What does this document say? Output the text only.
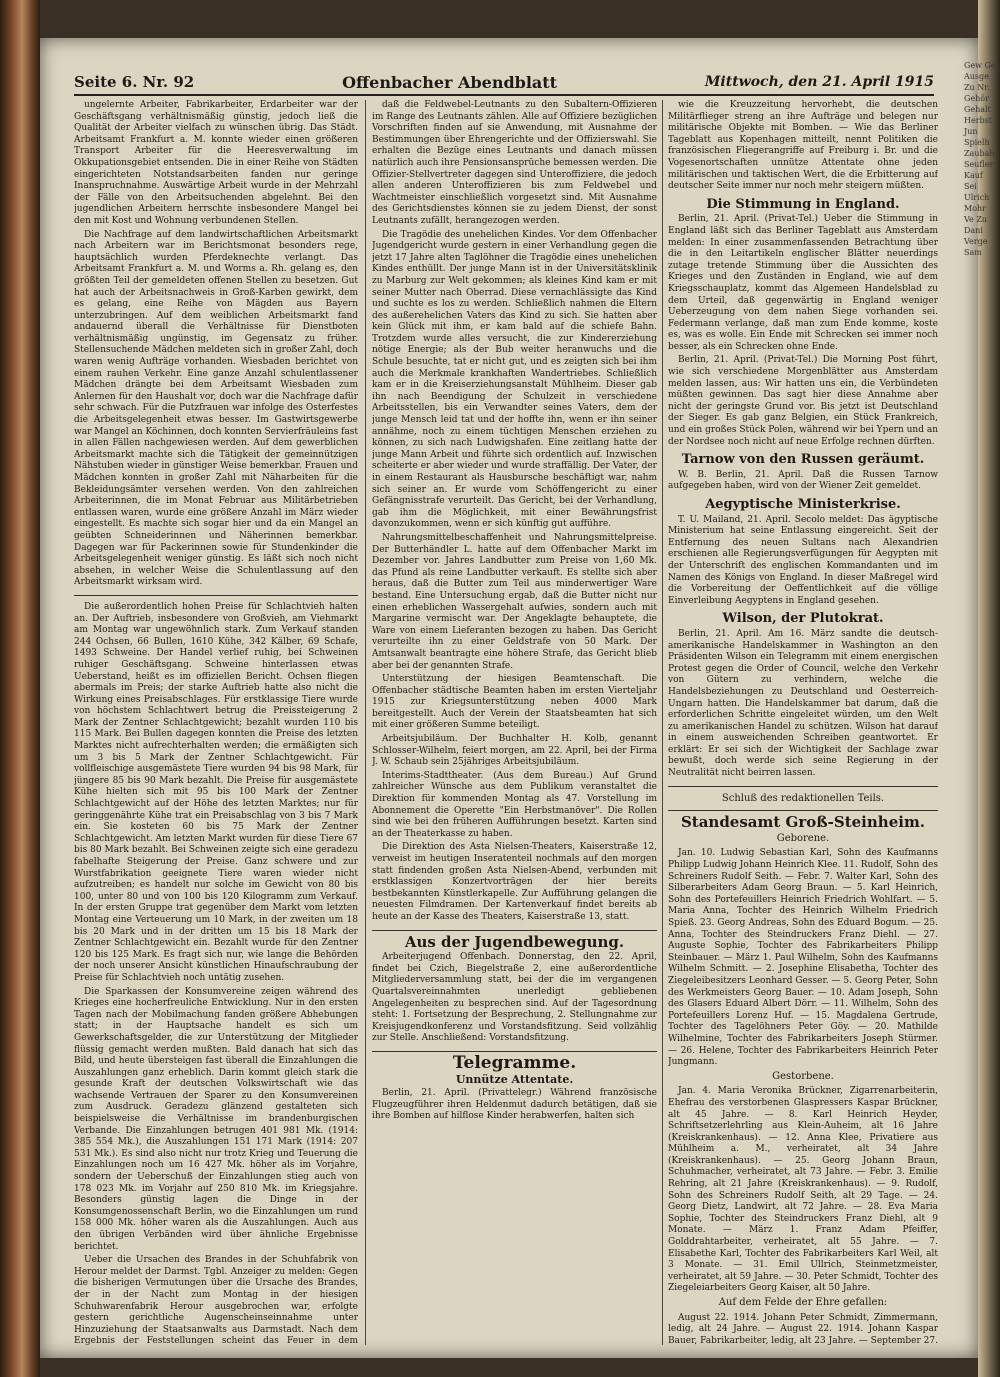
Seite 6. Nr. 92	Offenbacher Abendblatt	Mittwoch, den 21. April 1915

ungelernte Arbeiter, Fabrikarbeiter, Erdarbeiter war der Geschäftsgang verhältnismäßig günstig, jedoch ließ die Qualität der Arbeiter vielfach zu wünschen übrig. Das Städt. Arbeitsamt Frankfurt a. M. konnte wieder einen größeren Transport Arbeiter für die Heeresverwaltung im Okkupationsgebiet entsenden. Die in einer Reihe von Städten eingerichteten Notstandsarbeiten fanden nur geringe Inanspruchnahme. Auswärtige Arbeit wurde in der Mehrzahl der Fälle von den Arbeitsuchenden abgelehnt. Bei den jugendlichen Arbeitern herrschte insbesondere Mangel bei den mit Kost und Wohnung verbundenen Stellen.

Die Nachfrage auf dem landwirtschaftlichen Arbeitsmarkt nach Arbeitern war im Berichtsmonat besonders rege, hauptsächlich wurden Pferdeknechte verlangt. Das Arbeitsamt Frankfurt a. M. und Worms a. Rh. gelang es, den größten Teil der gemeldeten offenen Stellen zu besetzen. Gut hat auch der Arbeitsnachweis in Groß-Karben gewirkt, dem es gelang, eine Reihe von Mägden aus Bayern unterzubringen. Auf dem weiblichen Arbeitsmarkt fand andauernd überall die Verhältnisse für Dienstboten verhältnismäßig ungünstig, im Gegensatz zu früher. Stellensuchende Mädchen meldeten sich in großer Zahl, doch waren wenig Aufträge vorhanden. Wiesbaden berichtet von einem rauhen Verkehr. Eine ganze Anzahl schulentlassener Mädchen drängte bei dem Arbeitsamt Wiesbaden zum Anlernen für den Haushalt vor, doch war die Nachfrage dafür sehr schwach. Für die Putzfrauen war infolge des Osterfestes die Arbeitsgelegenheit etwas besser. Im Gastwirtsgewerbe war Mangel an Köchinnen, doch konnten Servierfräuleins fast in allen Fällen nachgewiesen werden. Auf dem gewerblichen Arbeitsmarkt machte sich die Tätigkeit der gemeinnützigen Nähstuben wieder in günstiger Weise bemerkbar. Frauen und Mädchen konnten in großer Zahl mit Näharbeiten für die Bekleidungsämter versehen werden. Von den zahlreichen Arbeiterinnen, die im Monat Februar aus Militärbetrieben entlassen waren, wurde eine größere Anzahl im März wieder eingestellt. Es machte sich sogar hier und da ein Mangel an geübten Schneiderinnen und Näherinnen bemerkbar. Dagegen war für Packerinnen sowie für Stundenkinder die Arbeitsgelegenheit weniger günstig. Es läßt sich noch nicht absehen, in welcher Weise die Schulentlassung auf den Arbeitsmarkt wirksam wird.

Die außerordentlich hohen Preise für Schlachtvieh halten an. Der Auftrieb, insbesondere von Großvieh, am Viehmarkt am Montag war ungewöhnlich stark. Zum Verkauf standen 244 Ochsen, 66 Bullen, 1610 Kühe, 342 Kälber, 69 Schafe, 1493 Schweine. Der Handel verlief ruhig, bei Schweinen ruhiger Geschäftsgang. Schweine hinterlassen etwas Ueberstand, heißt es im offiziellen Bericht. Ochsen fliegen abermals im Preis; der starke Auftrieb hatte also nicht die Wirkung eines Preisabschlages. Für erstklassige Tiere wurde von höchstem Schlachtwert betrug die Preissteigerung 2 Mark der Zentner Schlachtgewicht; bezahlt wurden 110 bis 115 Mark. Bei Bullen dagegen konnten die Preise des letzten Marktes nicht aufrechterhalten werden; die ermäßigten sich um 3 bis 5 Mark der Zentner Schlachtgewicht. Für vollfleischige ausgemästete Tiere wurden 94 bis 98 Mark, für jüngere 85 bis 90 Mark bezahlt. Die Preise für ausgemästete Kühe hielten sich mit 95 bis 100 Mark der Zentner Schlachtgewicht auf der Höhe des letzten Marktes; nur für geringgenährte Kühe trat ein Preisabschlag von 3 bis 7 Mark ein. Sie kosteten 60 bis 75 Mark der Zentner Schlachtgewicht. Am letzten Markt wurden für diese Tiere 67 bis 80 Mark bezahlt. Bei Schweinen zeigte sich eine geradezu fabelhafte Steigerung der Preise. Ganz schwere und zur Wurstfabrikation geeignete Tiere waren wieder nicht aufzutreiben; es handelt nur solche im Gewicht von 80 bis 100, unter 80 und von 100 bis 120 Kilogramm zum Verkauf. In der ersten Gruppe trat gegenüber dem Markt vom letzten Montag eine Verteuerung um 10 Mark, in der zweiten um 18 bis 20 Mark und in der dritten um 15 bis 18 Mark der Zentner Schlachtgewicht ein. Bezahlt wurde für den Zentner 120 bis 125 Mark. Es fragt sich nur, wie lange die Behörden der noch unserer Ansicht künstlichen Hinaufschraubung der Preise für Schlachtvieh noch untätig zusehen.

Die Sparkassen der Konsumvereine zeigen während des Krieges eine hocherfreuliche Entwicklung. Nur in den ersten Tagen nach der Mobilmachung fanden größere Abhebungen statt; in der Hauptsache handelt es sich um Gewerkschaftsgelder, die zur Unterstützung der Mitglieder flüssig gemacht werden mußten. Bald danach hat sich das Bild, und heute übersteigen fast überall die Einzahlungen die Auszahlungen ganz erheblich. Darin kommt gleich stark die gesunde Kraft der deutschen Volkswirtschaft wie das wachsende Vertrauen der Sparer zu den Konsumvereinen zum Ausdruck. Geradezu glänzend gestalteten sich beispielsweise die Verhältnisse im brandenburgischen Verbande. Die Einzahlungen betrugen 401 981 Mk. (1914: 385 554 Mk.), die Auszahlungen 151 171 Mark (1914: 207 531 Mk.). Es sind also nicht nur trotz Krieg und Teuerung die Einzahlungen noch um 16 427 Mk. höher als im Vorjahre, sondern der Ueberschuß der Einzahlungen stieg auch von 178 023 Mk. im Vorjahr auf 250 810 Mk. im Kriegsjahre. Besonders günstig lagen die Dinge in der Konsumgenossenschaft Berlin, wo die Einzahlungen um rund 158 000 Mk. höher waren als die Auszahlungen. Auch aus den übrigen Verbänden wird über ähnliche Ergebnisse berichtet.

Ueber die Ursachen des Brandes in der Schuhfabrik von Herour meldet der Darmst. Tgbl. Anzeiger zu melden: Gegen die bisherigen Vermutungen über die Ursache des Brandes, der in der Nacht zum Montag in der hiesigen Schuhwarenfabrik Herour ausgebrochen war, erfolgte gestern gerichtliche Augenscheinseinnahme unter Hinzuziehung der Staatsanwalts aus Darmstadt. Nach dem Ergebnis der Feststellungen scheint das Feuer in dem

daß die Feldwebel-Leutnants zu den Subaltern-Offizieren im Range des Leutnants zählen. Alle auf Offiziere bezüglichen Vorschriften finden auf sie Anwendung, mit Ausnahme der Bestimmungen über Ehrengerichte und der Offizierswahl. Sie erhalten die Bezüge eines Leutnants und danach müssen natürlich auch ihre Pensionsansprüche bemessen werden. Die Offizier-Stellvertreter dagegen sind Unteroffiziere, die jedoch allen anderen Unteroffizieren bis zum Feldwebel und Wachtmeister einschließlich vorgesetzt sind. Mit Ausnahme des Gerichtsdienstes können sie zu jedem Dienst, der sonst Leutnants zufällt, herangezogen werden.

Die Tragödie des unehelichen Kindes. Vor dem Offenbacher Jugendgericht wurde gestern in einer Verhandlung gegen die jetzt 17 Jahre alten Taglöhner die Tragödie eines unehelichen Kindes enthüllt. Der junge Mann ist in der Universitätsklinik zu Marburg zur Welt gekommen; als kleines Kind kam er mit seiner Mutter nach Oberrad. Diese vernachlässigte das Kind und suchte es los zu werden. Schließlich nahmen die Eltern des außerehelichen Vaters das Kind zu sich. Sie hatten aber kein Glück mit ihm, er kam bald auf die schiefe Bahn. Trotzdem wurde alles versucht, die zur Kindererziehung nötige Energie; als der Bub weiter heranwuchs und die Schule besuchte, tat er nicht gut, und es zeigten sich bei ihm auch die Merkmale krankhaften Wandertriebes. Schließlich kam er in die Kreiserziehungsanstalt Mühlheim. Dieser gab ihn nach Beendigung der Schulzeit in verschiedene Arbeitsstellen, bis ein Verwandter seines Vaters, dem der junge Mensch leid tat und der hoffte ihn, wenn er ihn seiner annähme, noch zu einem tüchtigen Menschen erziehen zu können, zu sich nach Ludwigshafen. Eine zeitlang hatte der junge Mann Arbeit und führte sich ordentlich auf. Inzwischen scheiterte er aber wieder und wurde straffällig. Der Vater, der in einem Restaurant als Hausbursche beschäftigt war, nahm sich seiner an. Er wurde vom Schöffengericht zu einer Gefängnisstrafe verurteilt. Das Gericht, bei der Verhandlung, gab ihm die Möglichkeit, mit einer Bewährungsfrist davonzukommen, wenn er sich künftig gut aufführe.

Nahrungsmittelbeschaffenheit und Nahrungsmittelpreise. Der Butterhändler L. hatte auf dem Offenbacher Markt im Dezember vor. Jahres Landbutter zum Preise von 1,60 Mk. das Pfund als reine Landbutter verkauft. Es stellte sich aber heraus, daß die Butter zum Teil aus minderwertiger Ware bestand. Eine Untersuchung ergab, daß die Butter nicht nur einen erheblichen Wassergehalt aufwies, sondern auch mit Margarine vermischt war. Der Angeklagte behauptete, die Ware von einem Lieferanten bezogen zu haben. Das Gericht verurteilte ihn zu einer Geldstrafe von 50 Mark. Der Amtsanwalt beantragte eine höhere Strafe, das Gericht blieb aber bei der genannten Strafe.

Unterstützung der hiesigen Beamtenschaft. Die Offenbacher städtische Beamten haben im ersten Vierteljahr 1915 zur Kriegsunterstützung neben 4000 Mark bereitgestellt. Auch der Verein der Staatsbeamten hat sich mit einer größeren Summe beteiligt.

Arbeitsjubiläum. Der Buchhalter H. Kolb, genannt Schlosser-Wilhelm, feiert morgen, am 22. April, bei der Firma J. W. Schaub sein 25jähriges Arbeitsjubiläum.

Interims-Stadttheater. (Aus dem Bureau.) Auf Grund zahlreicher Wünsche aus dem Publikum veranstaltet die Direktion für kommenden Montag als 47. Vorstellung im Abonnement die Operette "Ein Herbstmanöver". Die Rollen sind wie bei den früheren Aufführungen besetzt. Karten sind an der Theaterkasse zu haben.

Die Direktion des Asta Nielsen-Theaters, Kaiserstraße 12, verweist im heutigen Inseratenteil nochmals auf den morgen statt findenden großen Asta Nielsen-Abend, verbunden mit erstklassigen Konzertvorträgen der hier bereits bestbekannten Künstlerkapelle. Zur Aufführung gelangen die neuesten Filmdramen. Der Kartenverkauf findet bereits ab heute an der Kasse des Theaters, Kaiserstraße 13, statt.

Aus der Jugendbewegung.

Arbeiterjugend Offenbach. Donnerstag, den 22. April, findet bei Czich, Biegelstraße 2, eine außerordentliche Mitgliederversammlung statt, bei der die im vergangenen Quartalsvereinnahmten unerledigt gebliebenen Angelegenheiten zu besprechen sind. Auf der Tagesordnung steht: 1. Fortsetzung der Besprechung, 2. Stellungnahme zur Kreisjugendkonferenz und Vorstandsfitzung. Seid vollzählig zur Stelle. Anschließend: Vorstandsfitzung.

Telegramme.
Unnütze Attentate.

Berlin, 21. April. (Privattelegr.) Während französische Flugzeugführer ihren Heldenmut dadurch betätigen, daß sie ihre Bomben auf hilflose Kinder herabwerfen, halten sich

wie die Kreuzzeitung hervorhebt, die deutschen Militärflieger streng an ihre Aufträge und belegen nur militärische Objekte mit Bomben. — Wie das Berliner Tageblatt aus Kopenhagen mitteilt, nennt Politiken die französischen Fliegerangriffe auf Freiburg i. Br. und die Vogesenortschaften unnütze Attentate ohne jeden militärischen und taktischen Wert, die die Erbitterung auf deutscher Seite immer nur noch mehr steigern müßten.

Die Stimmung in England.

Berlin, 21. April. (Privat-Tel.) Ueber die Stimmung in England läßt sich das Berliner Tageblatt aus Amsterdam melden: In einer zusammenfassenden Betrachtung über die in den Leitartikeln englischer Blätter neuerdings zutage tretende Stimmung über die Aussichten des Krieges und den Zuständen in England, wie auf dem Kriegsschauplatz, kommt das Algemeen Handelsblad zu dem Urteil, daß gegenwärtig in England weniger Ueberzeugung von dem nahen Siege vorhanden sei. Federmann verlange, daß man zum Ende komme, koste es, was es wolle. Ein Ende mit Schrecken sei immer noch besser, als ein Schrecken ohne Ende.

Berlin, 21. April. (Privat-Tel.) Die Morning Post führt, wie sich verschiedene Morgenblätter aus Amsterdam melden lassen, aus: Wir hatten uns ein, die Verbündeten müßten gewinnen. Das sagt hier diese Annahme aber nicht der geringste Grund vor. Bis jetzt ist Deutschland der Sieger. Es gab ganz Belgien, ein Stück Frankreich, und ein großes Stück Polen, während wir bei Ypern und an der Nordsee noch nicht auf neue Erfolge rechnen dürften.

Tarnow von den Russen geräumt.

W. B. Berlin, 21. April. Daß die Russen Tarnow aufgegeben haben, wird von der Wiener Zeit gemeldet.

Aegyptische Ministerkrise.

T. U. Mailand, 21. April. Secolo meldet: Das ägyptische Ministerium hat seine Entlassung eingereicht. Seit der Entfernung des neuen Sultans nach Alexandrien erschienen alle Regierungsverfügungen für Aegypten mit der Unterschrift des englischen Kommandanten und im Namen des Königs von England. In dieser Maßregel wird die Vorbereitung der Oeffentlichkeit auf die völlige Einverleibung Aegyptens in England gesehen.

Wilson, der Plutokrat.

Berlin, 21. April. Am 16. März sandte die deutsch-amerikanische Handelskammer in Washington an den Präsidenten Wilson ein Telegramm mit einem energischen Protest gegen die Order of Council, welche den Verkehr von Gütern zu verhindern, welche die Handelsbeziehungen zu Deutschland und Oesterreich-Ungarn hatten. Die Handelskammer bat darum, daß die erforderlichen Schritte eingeleitet würden, um den Welt zu amerikanischen Handel zu schützen. Wilson hat darauf in einem ausweichenden Schreiben geantwortet. Er erklärt: Er sei sich der Wichtigkeit der Sachlage zwar bewußt, doch werde sich seine Regierung in der Neutralität nicht beirren lassen.

Schluß des redaktionellen Teils.
Standesamt Groß-Steinheim.
Geborene.

Jan. 10. Ludwig Sebastian Karl, Sohn des Kaufmanns Philipp Ludwig Johann Heinrich Klee. 11. Rudolf, Sohn des Schreiners Rudolf Seith. — Febr. 7. Walter Karl, Sohn des Silberarbeiters Adam Georg Braun. — 5. Karl Heinrich, Sohn des Portefeuillers Heinrich Friedrich Wohlfart. — 5. Maria Anna, Tochter des Heinrich Wilhelm Friedrich Spieß. 23. Georg Andreas, Sohn des Eduard Bogum. — 25. Anna, Tochter des Steindruckers Franz Diehl. — 27. Auguste Sophie, Tochter des Fabrikarbeiters Philipp Steinbauer. — März 1. Paul Wilhelm, Sohn des Kaufmanns Wilhelm Schmitt. — 2. Josephine Elisabetha, Tochter des Ziegeleibesitzers Leonhard Gesser. — 5. Georg Peter, Sohn des Werkmeisters Georg Bauer. — 10. Adam Joseph, Sohn des Glasers Eduard Albert Dörr. — 11. Wilhelm, Sohn des Portefeuillers Lorenz Huf. — 15. Magdalena Gertrude, Tochter des Tagelöhners Peter Göy. — 20. Mathilde Wilhelmine, Tochter des Fabrikarbeiters Joseph Stürmer. — 26. Helene, Tochter des Fabrikarbeiters Heinrich Peter Jungmann.

Gestorbene.

Jan. 4. Maria Veronika Brückner, Zigarrenarbeiterin, Ehefrau des verstorbenen Glaspressers Kaspar Brückner, alt 45 Jahre. — 8. Karl Heinrich Heyder, Schriftsetzerlehrling aus Klein-Auheim, alt 16 Jahre (Kreiskrankenhaus). — 12. Anna Klee, Privatiere aus Mühlheim a. M., verheiratet, alt 34 Jahre (Kreiskrankenhaus). — 25. Georg Johann Braun, Schuhmacher, verheiratet, alt 73 Jahre. — Febr. 3. Emilie Rehring, alt 21 Jahre (Kreiskrankenhaus). — 9. Rudolf, Sohn des Schreiners Rudolf Seith, alt 29 Tage. — 24. Georg Dietz, Landwirt, alt 72 Jahre. — 28. Eva Maria Sophie, Tochter des Steindruckers Franz Diehl, alt 9 Monate. — März 1. Franz Adam Pfeiffer, Golddrahtarbeiter, verheiratet, alt 55 Jahre. — 7. Elisabethe Karl, Tochter des Fabrikarbeiters Karl Weil, alt 3 Monate. — 31. Emil Ullrich, Steinmetzmeister, verheiratet, alt 59 Jahre. — 30. Peter Schmidt, Tochter des Ziegeleiarbeiters Georg Kaiser, alt 50 Jahre.

Auf dem Felde der Ehre gefallen:

August 22. 1914. Johann Peter Schmidt, Zimmermann, ledig, alt 24 Jahre. — August 22. 1914. Johann Kaspar Bauer, Fabrikarbeiter, ledig, alt 23 Jahre. — September 27.

Gew Ge Ausge Zu Nr. Gehör Gehalt Herbst Jun Spielh Zaubah Seufler Kauf Sei Ulrich Mohr Ve Zu Dani Verge Sam
